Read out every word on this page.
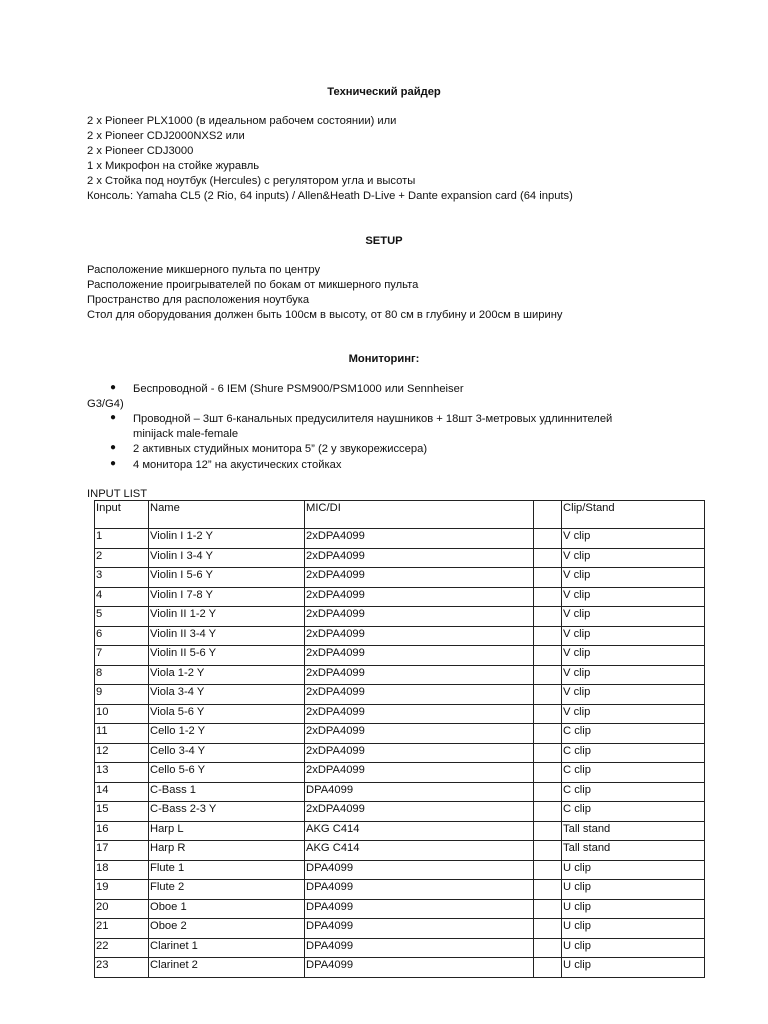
Технический райдер
2 x Pioneer PLX1000 (в идеальном рабочем состоянии) или
2 x Pioneer CDJ2000NXS2 или
2 x Pioneer CDJ3000
1 x Микрофон на стойке журавль
2 x Стойка под ноутбук (Hercules) с регулятором угла и высоты
Консоль: Yamaha CL5 (2 Rio, 64 inputs) / Allen&Heath D-Live + Dante expansion card (64 inputs)
SETUP
Расположение микшерного пульта по центру
Расположение проигрывателей по бокам от микшерного пульта
Пространство для расположения ноутбука
Стол для оборудования должен быть 100см в высоту, от 80 см в глубину и 200см в ширину
Мониторинг:
● Беспроводной - 6 IEM (Shure PSM900/PSM1000 или Sennheiser
G3/G4)
● Проводной – 3шт 6-канальных предусилителя наушников + 18шт 3-метровых удлиннителей
minijack male-female
● 2 активных студийных монитора 5” (2 у звукорежиссера)
● 4 монитора 12” на акустических стойках
INPUT LIST
Input	Name	MIC/DI		Clip/Stand
1	Violin I 1-2 Y	2xDPA4099		V clip
2	Violin I 3-4 Y	2xDPA4099		V clip
3	Violin I 5-6 Y	2xDPA4099		V clip
4	Violin I 7-8 Y	2xDPA4099		V clip
5	Violin II 1-2 Y	2xDPA4099		V clip
6	Violin II 3-4 Y	2xDPA4099		V clip
7	Violin II 5-6 Y	2xDPA4099		V clip
8	Viola 1-2 Y	2xDPA4099		V clip
9	Viola 3-4 Y	2xDPA4099		V clip
10	Viola 5-6 Y	2xDPA4099		V clip
11	Cello 1-2 Y	2xDPA4099		C clip
12	Cello 3-4 Y	2xDPA4099		C clip
13	Cello 5-6 Y	2xDPA4099		C clip
14	C-Bass 1	DPA4099		C clip
15	C-Bass 2-3 Y	2xDPA4099		C clip
16	Harp L	AKG C414		Tall stand
17	Harp R	AKG C414		Tall stand
18	Flute 1	DPA4099		U clip
19	Flute 2	DPA4099		U clip
20	Oboe 1	DPA4099		U clip
21	Oboe 2	DPA4099		U clip
22	Clarinet 1	DPA4099		U clip
23	Clarinet 2	DPA4099		U clip
